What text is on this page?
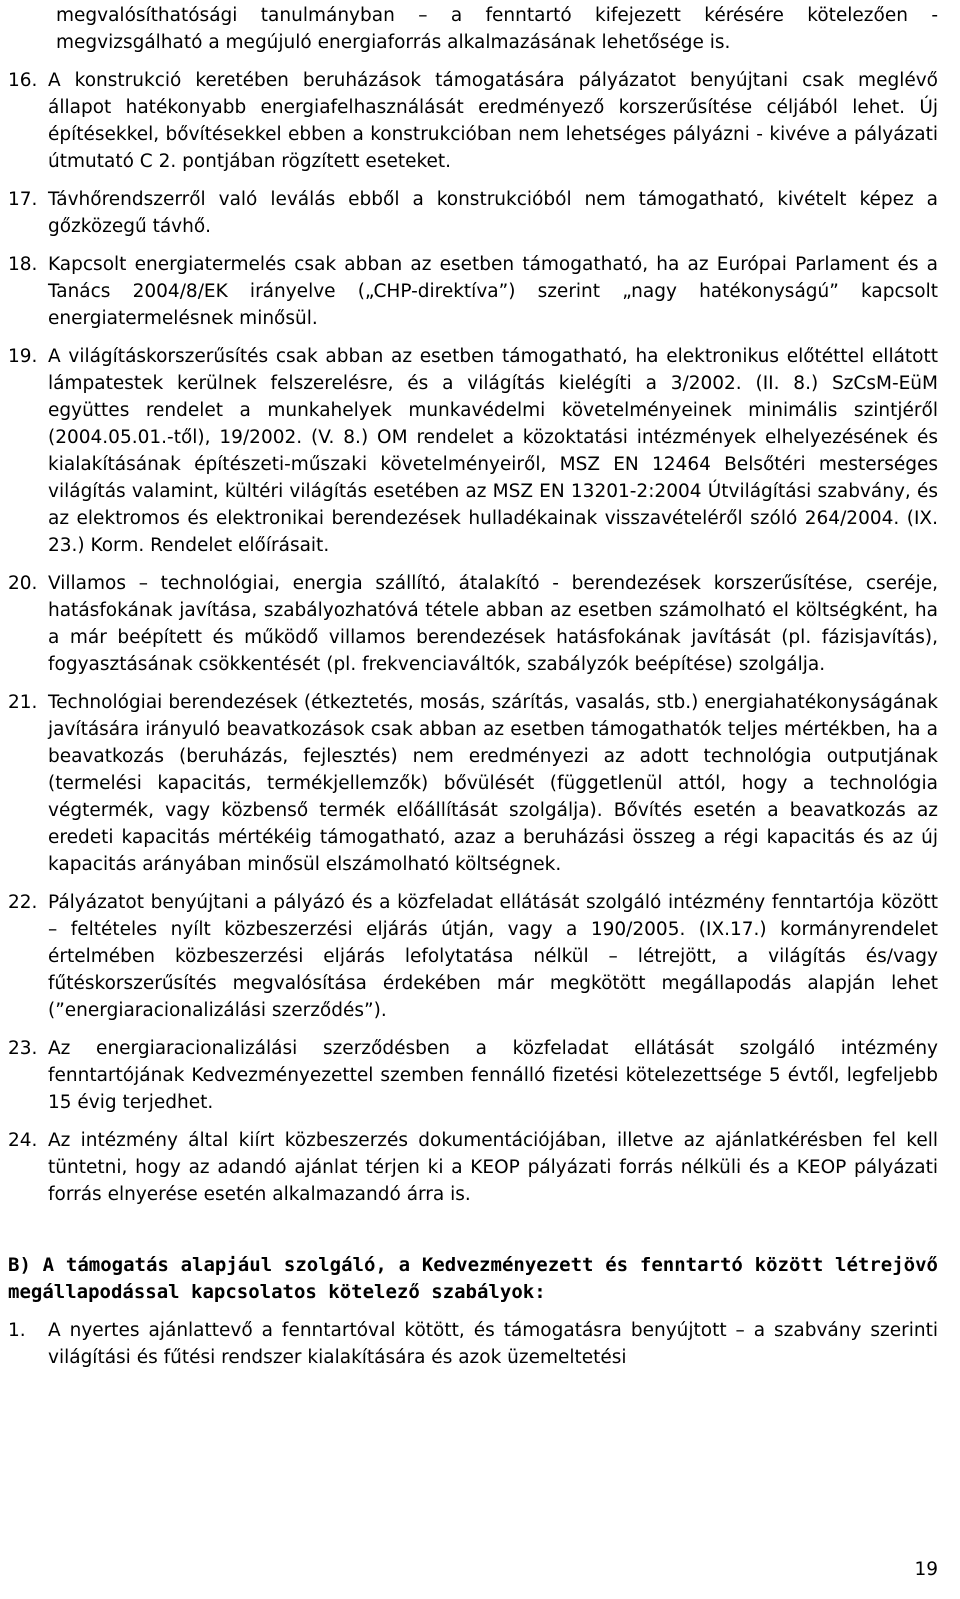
megvalósíthatósági tanulmányban – a fenntartó kifejezett kérésére kötelezően - megvizsgálható a megújuló energiaforrás alkalmazásának lehetősége is.
16. A konstrukció keretében beruházások támogatására pályázatot benyújtani csak meglévő állapot hatékonyabb energiafelhasználását eredményező korszerűsítése céljából lehet. Új építésekkel, bővítésekkel ebben a konstrukcióban nem lehetséges pályázni - kivéve a pályázati útmutató C 2. pontjában rögzített eseteket.
17. Távhőrendszerről való leválás ebből a konstrukcióból nem támogatható, kivételt képez a gőzközegű távhő.
18. Kapcsolt energiatermelés csak abban az esetben támogatható, ha az Európai Parlament és a Tanács 2004/8/EK irányelve („CHP-direktíva”) szerint „nagy hatékonyságú” kapcsolt energiatermelésnek minősül.
19. A világításkorszerűsítés csak abban az esetben támogatható, ha elektronikus előtéttel ellátott lámpatestek kerülnek felszerelésre, és a világítás kielégíti a 3/2002. (II. 8.) SzCsM-EüM együttes rendelet a munkahelyek munkavédelmi követelményeinek minimális szintjéről (2004.05.01.-től), 19/2002. (V. 8.) OM rendelet a közoktatási intézmények elhelyezésének és kialakításának építészeti-műszaki követelményeiről, MSZ EN 12464 Belsőtéri mesterséges világítás valamint, kültéri világítás esetében az MSZ EN 13201-2:2004 Útvilágítási szabvány, és az elektromos és elektronikai berendezések hulladékainak visszavételéről szóló 264/2004. (IX. 23.) Korm. Rendelet előírásait.
20. Villamos – technológiai, energia szállító, átalakító - berendezések korszerűsítése, cseréje, hatásfokának javítása, szabályozhatóvá tétele abban az esetben számolható el költségként, ha a már beépített és működő villamos berendezések hatásfokának javítását (pl. fázisjavítás), fogyasztásának csökkentését (pl. frekvenciaváltók, szabályzók beépítése) szolgálja.
21. Technológiai berendezések (étkeztetés, mosás, szárítás, vasalás, stb.) energiahatékonyságának javítására irányuló beavatkozások csak abban az esetben támogathatók teljes mértékben, ha a beavatkozás (beruházás, fejlesztés) nem eredményezi az adott technológia outputjának (termelési kapacitás, termékjellemzők) bővülését (függetlenül attól, hogy a technológia végtermék, vagy közbenső termék előállítását szolgálja). Bővítés esetén a beavatkozás az eredeti kapacitás mértékéig támogatható, azaz a beruházási összeg a régi kapacitás és az új kapacitás arányában minősül elszámolható költségnek.
22. Pályázatot benyújtani a pályázó és a közfeladat ellátását szolgáló intézmény fenntartója között – feltételes nyílt közbeszerzési eljárás útján, vagy a 190/2005. (IX.17.) kormányrendelet értelmében közbeszerzési eljárás lefolytatása nélkül – létrejött, a világítás és/vagy fűtéskorszerűsítés megvalósítása érdekében már megkötött megállapodás alapján lehet (”energiaracionalizálási szerződés”).
23. Az energiaracionalizálási szerződésben a közfeladat ellátását szolgáló intézmény fenntartójának Kedvezményezettel szemben fennálló fizetési kötelezettsége 5 évtől, legfeljebb 15 évig terjedhet.
24. Az intézmény által kiírt közbeszerzés dokumentációjában, illetve az ajánlatkérésben fel kell tüntetni, hogy az adandó ajánlat térjen ki a KEOP pályázati forrás nélküli és a KEOP pályázati forrás elnyerése esetén alkalmazandó árra is.
B) A támogatás alapjául szolgáló, a Kedvezményezett és fenntartó között létrejövő megállapodással kapcsolatos kötelező szabályok:
1.	A nyertes ajánlattevő a fenntartóval kötött, és támogatásra benyújtott – a szabvány szerinti világítási és fűtési rendszer kialakítására és azok üzemeltetési
19
